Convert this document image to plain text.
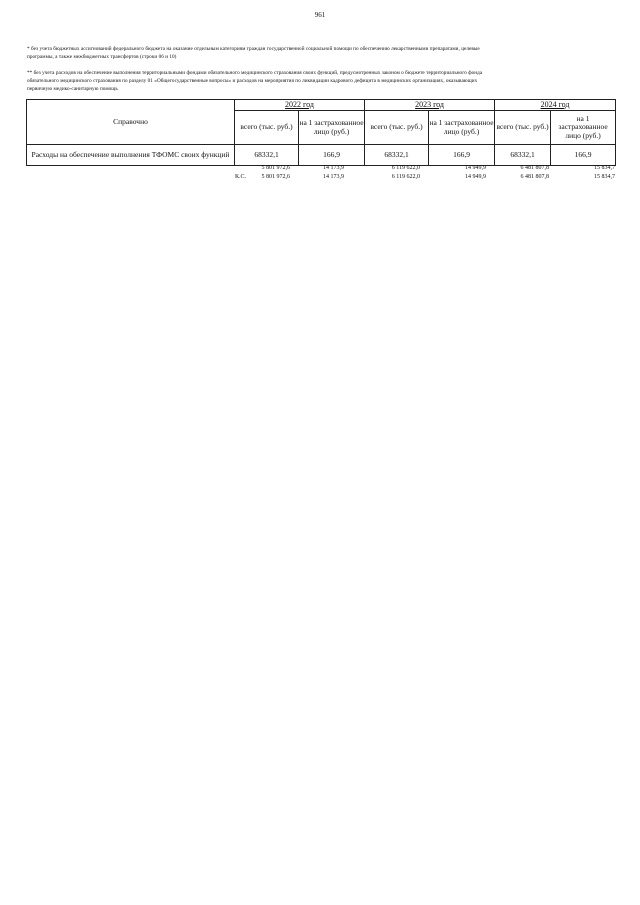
961
* без учета бюджетных ассигнований федерального бюджета на оказание отдельным категориям граждан государственной социальной помощи по обеспечению лекарственными препаратами, целевые программы, а также межбюджетных трансфертов (строки 06 и 10)
** без учета расходов на обеспечение выполнения территориальными фондами обязательного медицинского страхования своих функций, предусмотренных законом о бюджете территориального фонда обязательного медицинского страхования по разделу 01 «Общегосударственные вопросы» и расходов на мероприятия по ликвидации кадрового дефицита в медицинских организациях, оказывающих первичную медико-санитарную помощь
Справочно	2022 год		2023 год		2024 год	
	всего (тыс. руб.)	на 1 застрахованное лицо (руб.)	всего (тыс. руб.)	на 1 застрахованное лицо (руб.)	всего (тыс. руб.)	на 1 застрахованное лицо (руб.)
Расходы на обеспечение выполнения ТФОМС своих функций	68332,1	166,9	68332,1	166,9	68332,1	166,9
5 801 972,6	14 173,9	6 119 622,0	14 949,9	6 481 807,8	15 834,7
К.С.	5 801 972,6	14 173,9	6 119 622,0	14 949,9	6 481 807,8	15 834,7
